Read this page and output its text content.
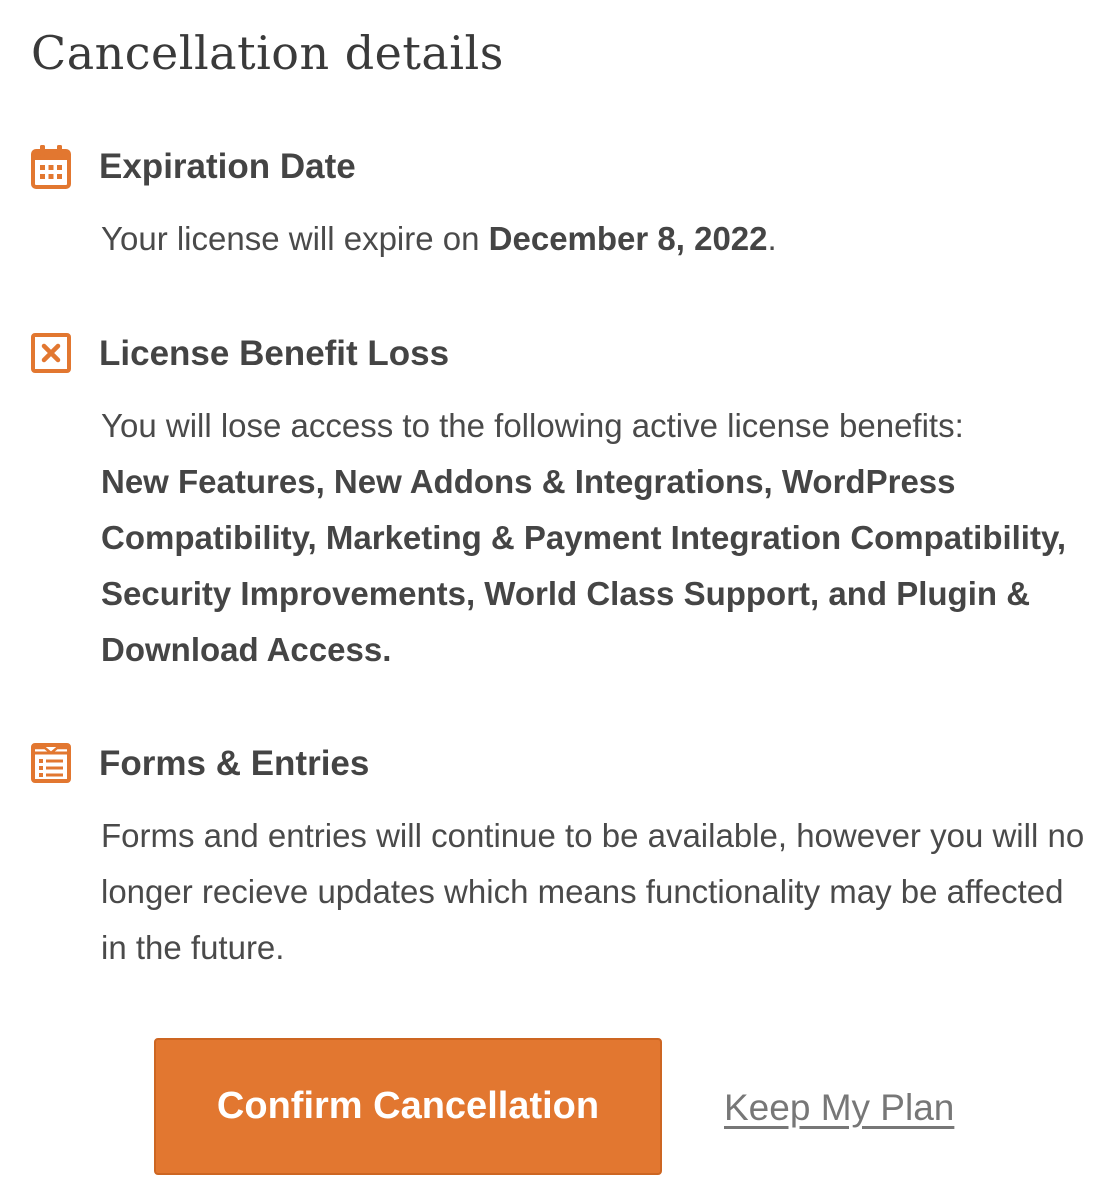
Cancellation details
Expiration Date

Your license will expire on December 8, 2022.

License Benefit Loss

You will lose access to the following active license benefits:
New Features, New Addons & Integrations, WordPress Compatibility, Marketing & Payment Integration Compatibility, Security Improvements, World Class Support, and Plugin & Download Access.

Forms & Entries

Forms and entries will continue to be available, however you will no longer recieve updates which means functionality may be affected in the future.

Confirm Cancellation	Keep My Plan
